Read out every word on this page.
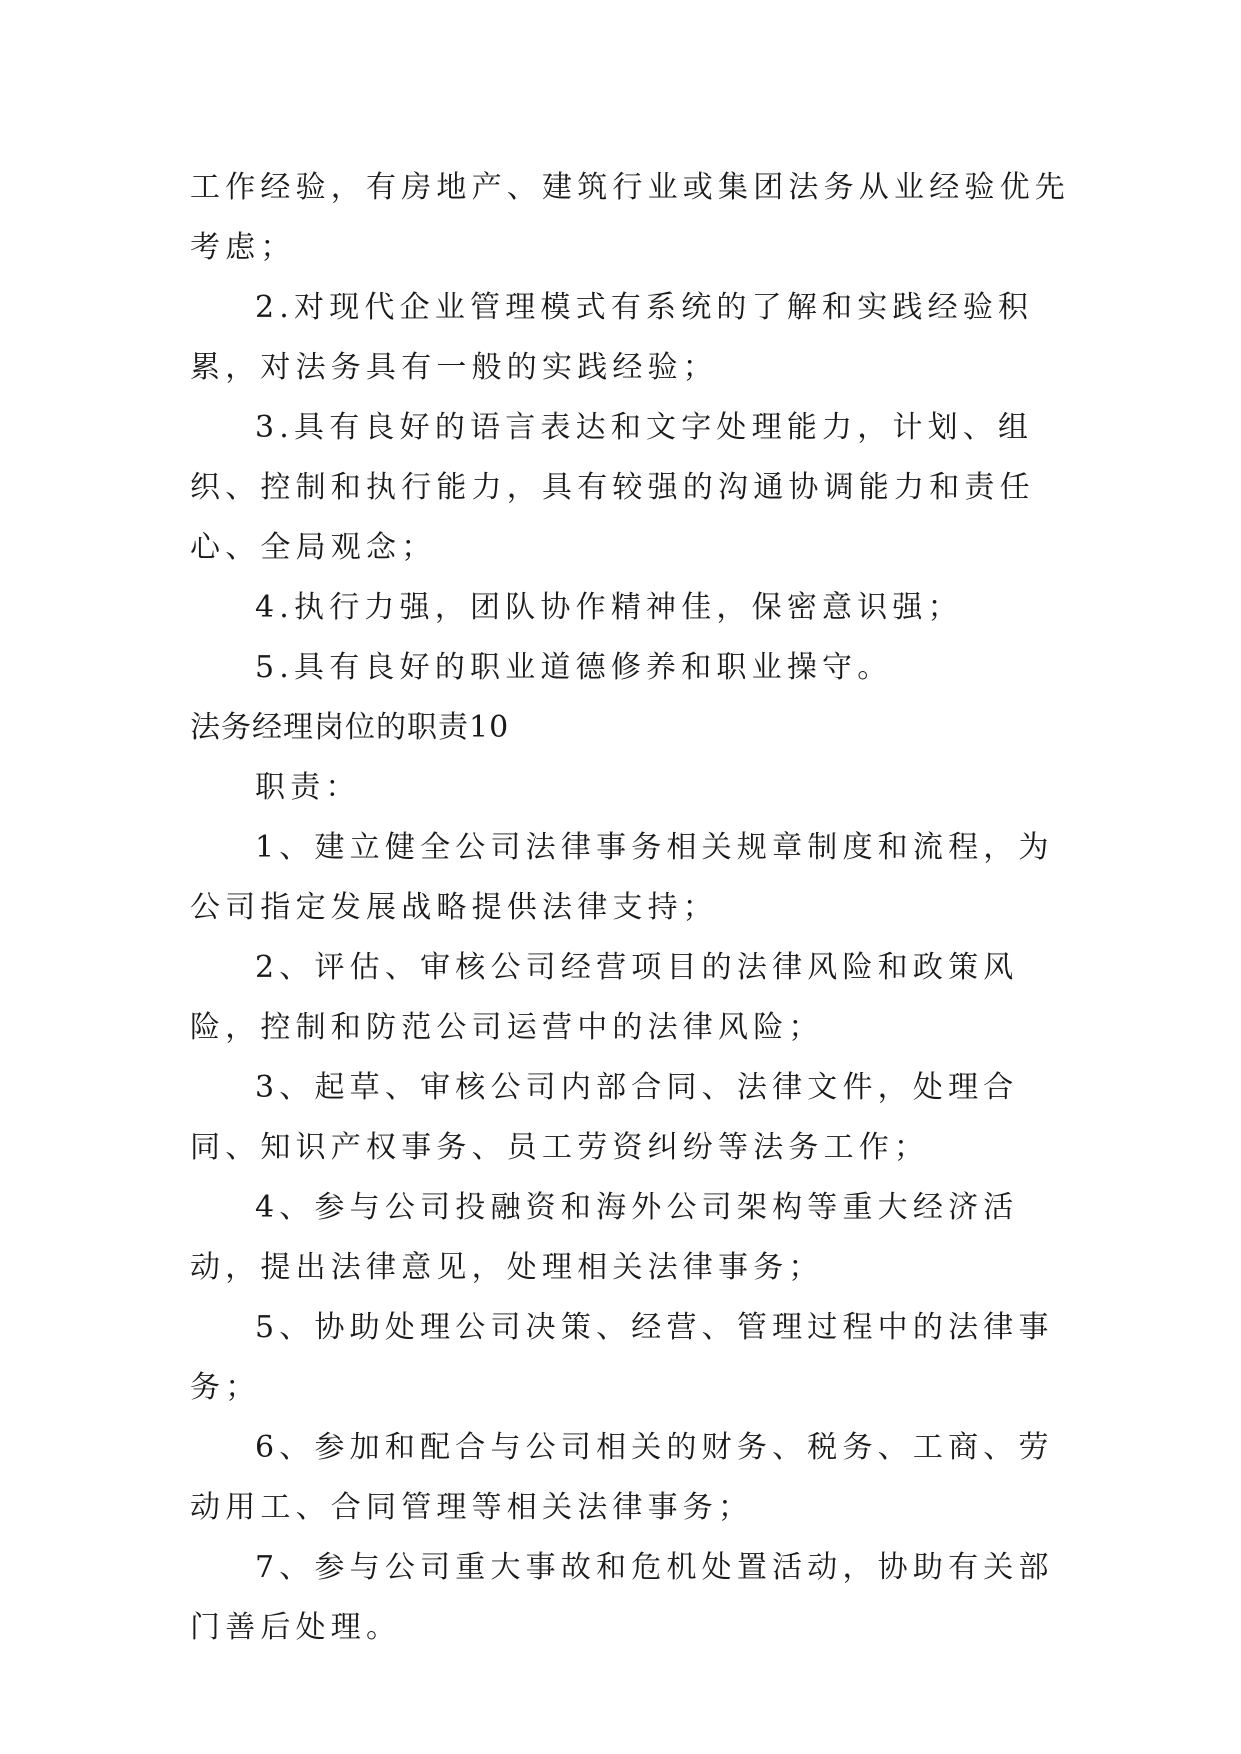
工作经验，有房地产、建筑行业或集团法务从业经验优先考虑；

2.对现代企业管理模式有系统的了解和实践经验积累，对法务具有一般的实践经验；

3.具有良好的语言表达和文字处理能力，计划、组织、控制和执行能力，具有较强的沟通协调能力和责任心、全局观念；

4.执行力强，团队协作精神佳，保密意识强；

5.具有良好的职业道德修养和职业操守。

法务经理岗位的职责10

职责：

1、建立健全公司法律事务相关规章制度和流程，为公司指定发展战略提供法律支持；

2、评估、审核公司经营项目的法律风险和政策风险，控制和防范公司运营中的法律风险；

3、起草、审核公司内部合同、法律文件，处理合同、知识产权事务、员工劳资纠纷等法务工作；

4、参与公司投融资和海外公司架构等重大经济活动，提出法律意见，处理相关法律事务；

5、协助处理公司决策、经营、管理过程中的法律事务；

6、参加和配合与公司相关的财务、税务、工商、劳动用工、合同管理等相关法律事务；

7、参与公司重大事故和危机处置活动，协助有关部门善后处理。
